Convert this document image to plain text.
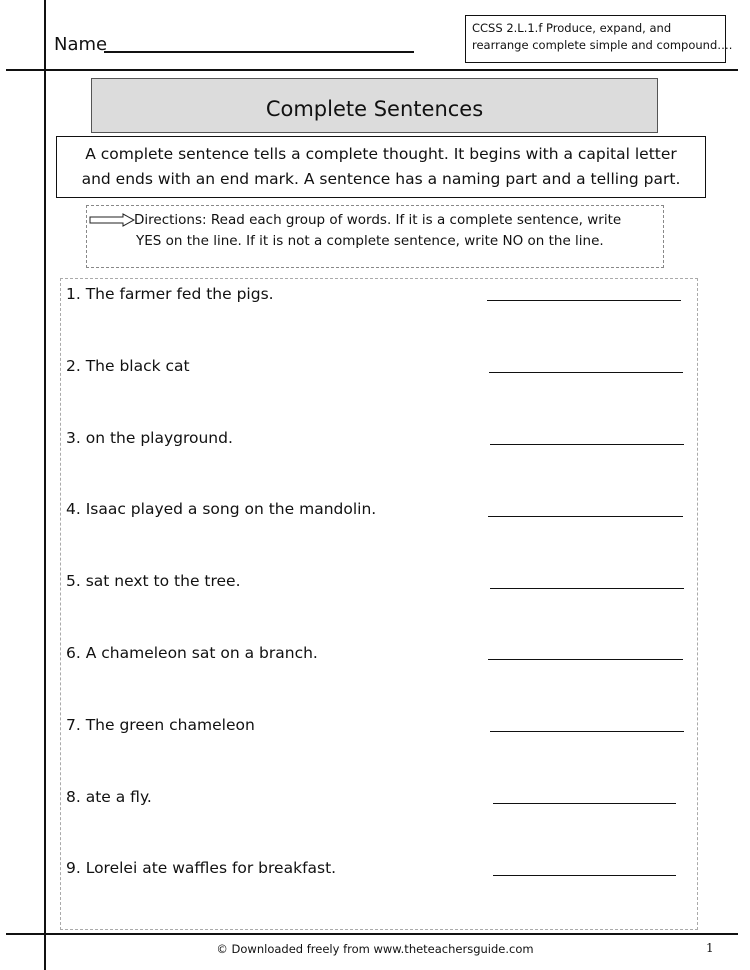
Name
CCSS 2.L.1.f Produce, expand, and
rearrange complete simple and compound….
Complete Sentences
A complete sentence tells a complete thought. It begins with a capital letter
and ends with an end mark. A sentence has a naming part and a telling part.
Directions: Read each group of words. If it is a complete sentence, write
YES on the line. If it is not a complete sentence, write NO on the line.
1. The farmer fed the pigs.
2. The black cat
3. on the playground.
4. Isaac played a song on the mandolin.
5. sat next to the tree.
6. A chameleon sat on a branch.
7. The green chameleon
8. ate a fly.
9. Lorelei ate waffles for breakfast.
© Downloaded freely from www.theteachersguide.com	1
